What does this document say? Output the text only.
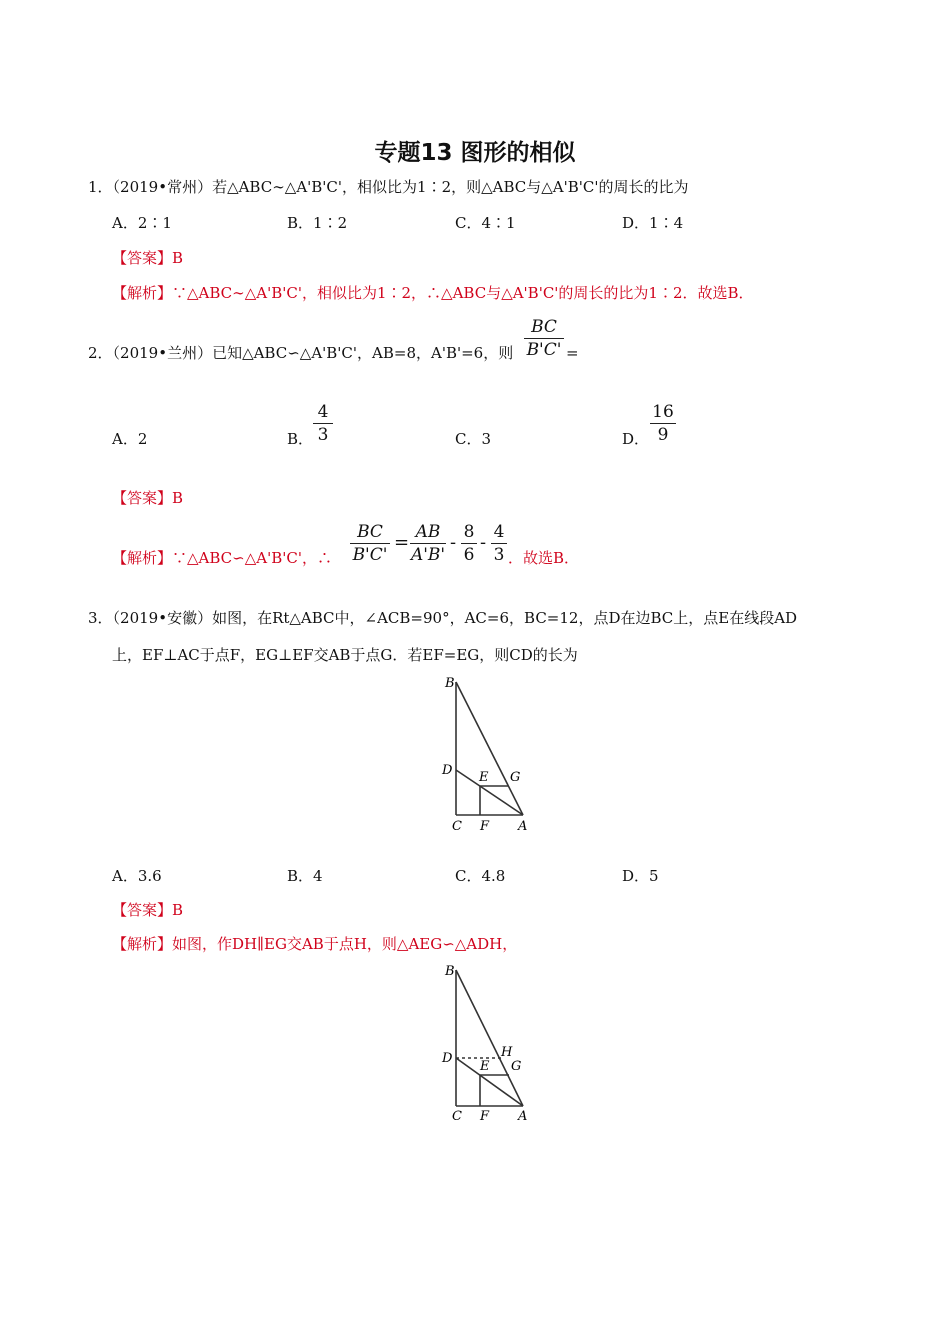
专题13 图形的相似
1．（2019•常州）若△ABC∼△A'B'C'，相似比为1∶2，则△ABC与△A'B'C'的周长的比为
A．2∶1	B．1∶2	C．4∶1	D．1∶4
【答案】B
【解析】∵△ABC∼△A'B'C'，相似比为1∶2，∴△ABC与△A'B'C'的周长的比为1∶2．故选B．
2．（2019•兰州）已知△ABC∽△A'B'C'，AB=8，A'B'=6，则 $\frac{BC}{B'C'}$ =
A．2	B． $\frac{4}{3}$	C．3	D． $\frac{16}{9}$
【答案】B
【解析】∵△ABC∽△A'B'C'，∴ $\frac{BC}{B'C'} = \frac{AB}{A'B'} - \frac{8}{6} - \frac{4}{3}$ ．故选B．
3．（2019•安徽）如图，在Rt△ABC中，∠ACB=90°，AC=6，BC=12，点D在边BC上，点E在线段AD
上，EF⊥AC于点F，EG⊥EF交AB于点G．若EF=EG，则CD的长为
B
D E G
C F A
A．3.6	B．4	C．4.8	D．5
【答案】B
【解析】如图，作DH∥EG交AB于点H，则△AEG∽△ADH，
B
D	H
E G
C F A
